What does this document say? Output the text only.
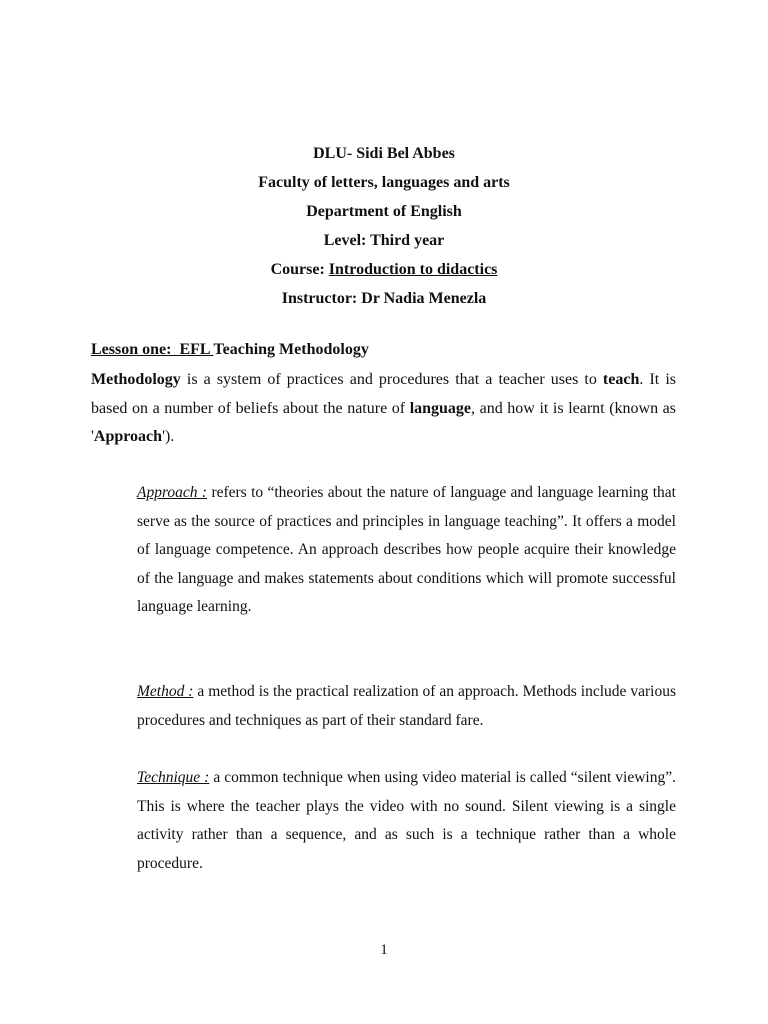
DLU- Sidi Bel Abbes
Faculty of letters, languages and arts
Department of English
Level: Third year
Course: Introduction to didactics
Instructor: Dr Nadia Menezla
Lesson one:  EFL Teaching Methodology
Methodology is a system of practices and procedures that a teacher uses to teach. It is based on a number of beliefs about the nature of language, and how it is learnt (known as 'Approach').
Approach : refers to “theories about the nature of language and language learning that serve as the source of practices and principles in language teaching”. It offers a model of language competence. An approach describes how people acquire their knowledge of the language and makes statements about conditions which will promote successful language learning.
Method : a method is the practical realization of an approach. Methods include various procedures and techniques as part of their standard fare.
Technique : a common technique when using video material is called “silent viewing”. This is where the teacher plays the video with no sound. Silent viewing is a single activity rather than a sequence, and as such is a technique rather than a whole procedure.
1
